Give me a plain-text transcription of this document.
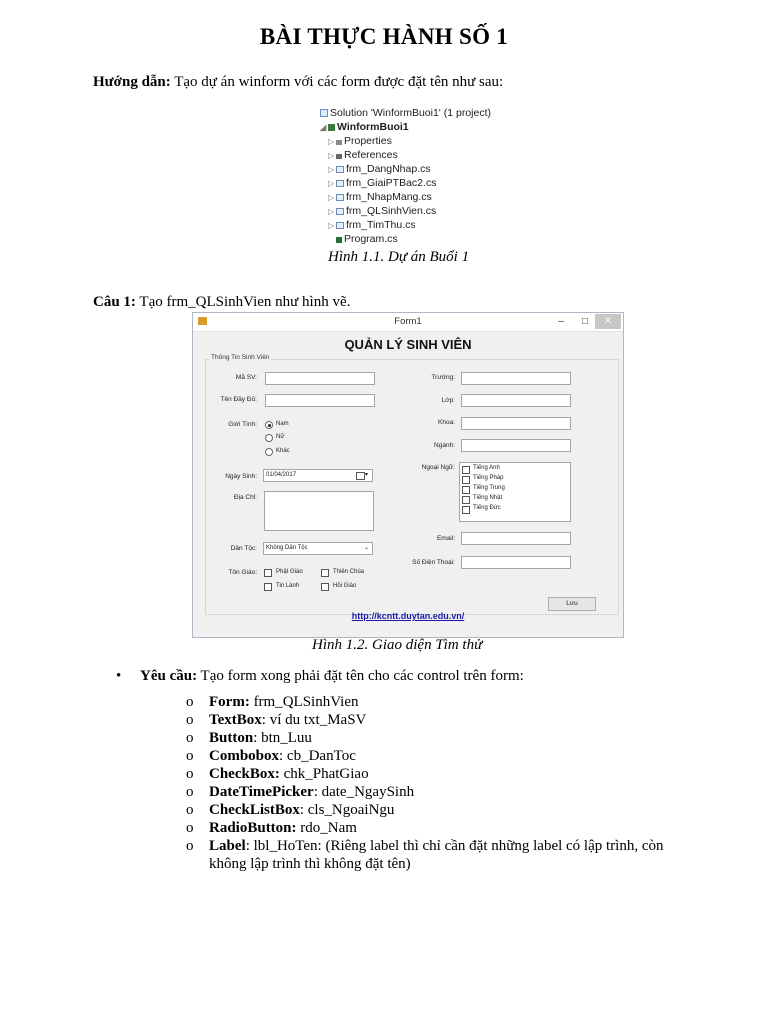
BÀI THỰC HÀNH SỐ 1
Hướng dẫn: Tạo dự án winform với các form được đặt tên như sau:
Solution 'WinformBuoi1' (1 project)
◢ WinformBuoi1
▷ Properties
▷ References
▷ frm_DangNhap.cs
▷ frm_GiaiPTBac2.cs
▷ frm_NhapMang.cs
▷ frm_QLSinhVien.cs
▷ frm_TimThu.cs
Program.cs
Hình 1.1. Dự án Buổi 1
Câu 1: Tạo frm_QLSinhVien như hình vẽ.
Form1	–	□	✕
QUẢN LÝ SINH VIÊN
Thông Tin Sinh Viên
Mã SV:
Tên Đầy Đủ:
Giới Tính:	Nam
Nữ
Khác
Ngày Sinh: 01/04/2017	▾
Địa Chỉ:
Dân Tộc: Không Dân Tộc	⌄
Tôn Giáo:	Phật Giáo	Thiên Chúa
Tin Lành	Hồi Giáo
Trường:
Lớp:
Khoa:
Ngành:
Ngoại Ngữ:	Tiếng Anh
Tiếng Pháp
Tiếng Trung
Tiếng Nhật
Tiếng Đức
Email:
Số Điện Thoại:
Lưu
http://kcntt.duytan.edu.vn/
Hình 1.2. Giao diện Tìm thử
• Yêu cầu: Tạo form xong phải đặt tên cho các control trên form:
o Form: frm_QLSinhVien
o TextBox: ví du txt_MaSV
o Button: btn_Luu
o Combobox: cb_DanToc
o CheckBox: chk_PhatGiao
o DateTimePicker: date_NgaySinh
o CheckListBox: cls_NgoaiNgu
o RadioButton: rdo_Nam
o Label: lbl_HoTen: (Riêng label thì chỉ cần đặt những label có lập trình, còn
không lập trình thì không đặt tên)
